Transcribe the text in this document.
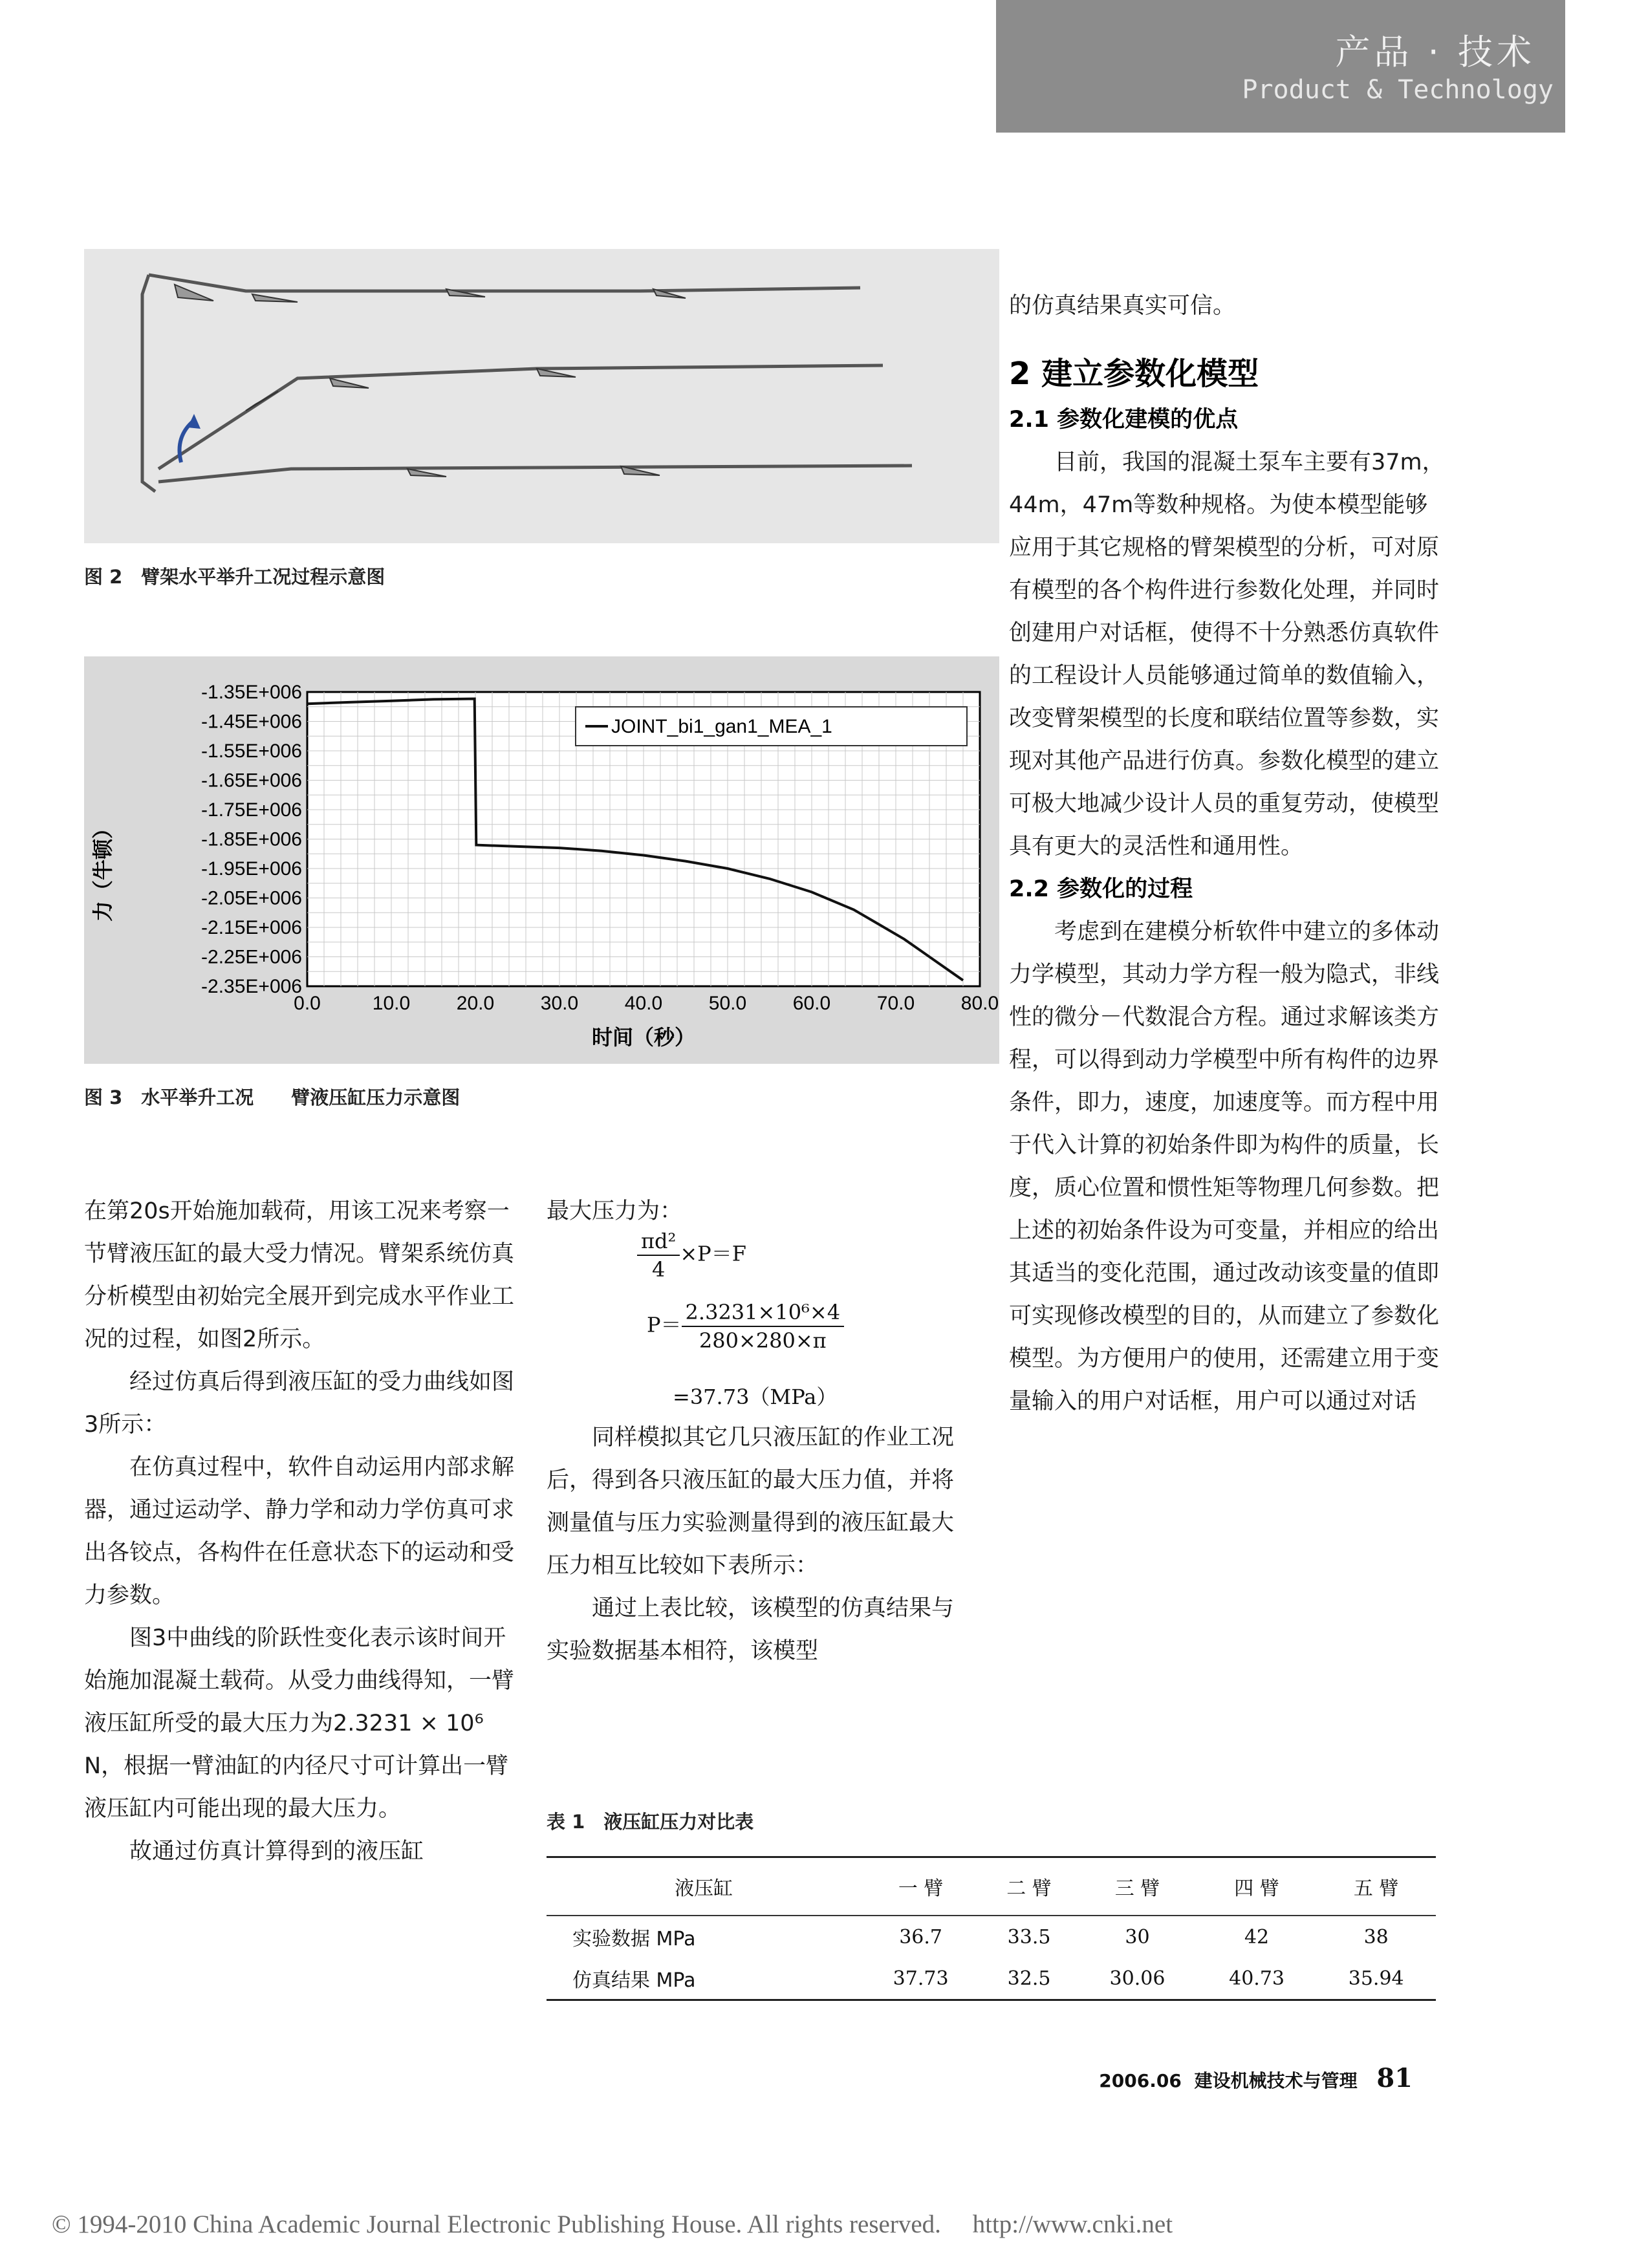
产品 · 技术
Product & Technology
图 2　臂架水平举升工况过程示意图
-1.35E+006
-1.45E+006
-1.55E+006
-1.65E+006
-1.75E+006
-1.85E+006
-1.95E+006
-2.05E+006
-2.15E+006
-2.25E+006
-2.35E+006
0.0	10.0 20.0 30.0 40.0 50.0 60.0 70.0 80.0
JOINT_bi1_gan1_MEA_1
时间（秒）
力（牛顿）
图 3　水平举升工况　　臂液压缸压力示意图

在第20s开始施加载荷，用该工况来考察一节臂液压缸的最大受力情况。臂架系统仿真分析模型由初始完全展开到完成水平作业工况的过程，如图2所示。

经过仿真后得到液压缸的受力曲线如图3所示：

在仿真过程中，软件自动运用内部求解器，通过运动学、静力学和动力学仿真可求出各铰点，各构件在任意状态下的运动和受力参数。

图3中曲线的阶跃性变化表示该时间开始施加混凝土载荷。从受力曲线得知，一臂液压缸所受的最大压力为2.3231 × 10⁶ N，根据一臂油缸的内径尺寸可计算出一臂液压缸内可能出现的最大压力。

故通过仿真计算得到的液压缸

最大压力为：

$\frac{\text{πd²}}{4} \times P=F$
$P= \frac{\text{2.3231×10⁶×4}}{280\times 280\times\pi}$
=37.73（MPa）

同样模拟其它几只液压缸的作业工况后，得到各只液压缸的最大压力值，并将测量值与压力实验测量得到的液压缸最大压力相互比较如下表所示：

通过上表比较，该模型的仿真结果与实验数据基本相符，该模型

的仿真结果真实可信。

2 建立参数化模型
2.1 参数化建模的优点

目前，我国的混凝土泵车主要有37m，44m，47m等数种规格。为使本模型能够应用于其它规格的臂架模型的分析，可对原有模型的各个构件进行参数化处理，并同时创建用户对话框，使得不十分熟悉仿真软件的工程设计人员能够通过简单的数值输入，改变臂架模型的长度和联结位置等参数，实现对其他产品进行仿真。参数化模型的建立可极大地减少设计人员的重复劳动，使模型具有更大的灵活性和通用性。

2.2 参数化的过程

考虑到在建模分析软件中建立的多体动力学模型，其动力学方程一般为隐式，非线性的微分－代数混合方程。通过求解该类方程，可以得到动力学模型中所有构件的边界条件，即力，速度，加速度等。而方程中用于代入计算的初始条件即为构件的质量，长度，质心位置和惯性矩等物理几何参数。把上述的初始条件设为可变量，并相应的给出其适当的变化范围，通过改动该变量的值即可实现修改模型的目的，从而建立了参数化模型。为方便用户的使用，还需建立用于变量输入的用户对话框，用户可以通过对话

表 1　液压缸压力对比表
液压缸	一 臂	二 臂	三 臂	四 臂	五 臂
实验数据 MPa	36.7	33.5	30	42	38
仿真结果 MPa	37.73	32.5	30.06	40.73	35.94
2006.06 建设机械技术与管理 81
© 1994-2010 China Academic Journal Electronic Publishing House. All rights reserved.　 http://www.cnki.net
